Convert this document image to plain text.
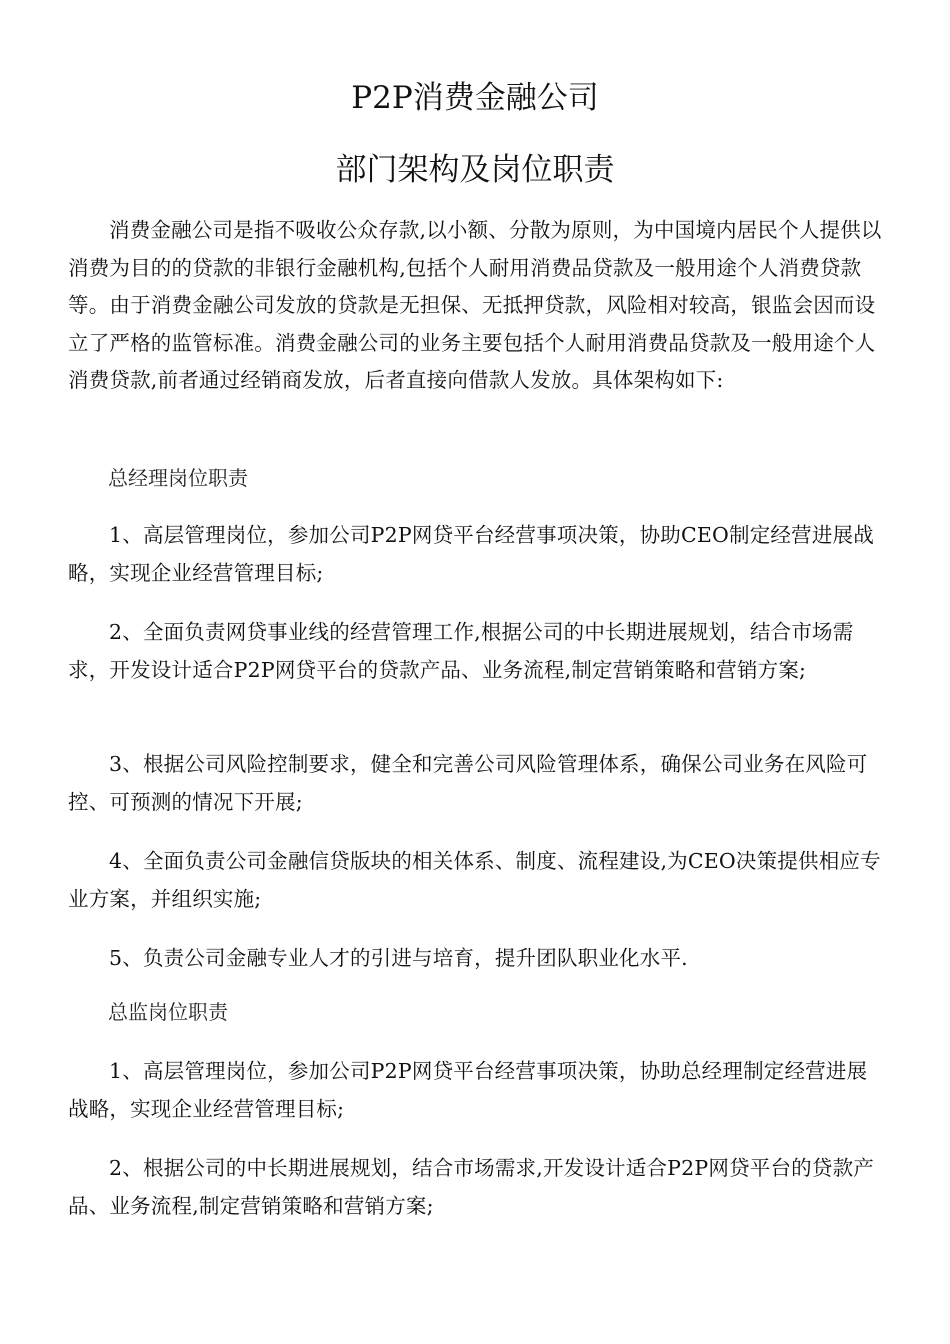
P2P消费金融公司
部门架构及岗位职责

消费金融公司是指不吸收公众存款,以小额、分散为原则，为中国境内居民个人提供以消费为目的的贷款的非银行金融机构,包括个人耐用消费品贷款及一般用途个人消费贷款等。由于消费金融公司发放的贷款是无担保、无抵押贷款，风险相对较高，银监会因而设立了严格的监管标准。消费金融公司的业务主要包括个人耐用消费品贷款及一般用途个人消费贷款,前者通过经销商发放，后者直接向借款人发放。具体架构如下:

总经理岗位职责

1、高层管理岗位，参加公司P2P网贷平台经营事项决策，协助CEO制定经营进展战略，实现企业经营管理目标;

2、全面负责网贷事业线的经营管理工作,根据公司的中长期进展规划，结合市场需求，开发设计适合P2P网贷平台的贷款产品、业务流程,制定营销策略和营销方案;

3、根据公司风险控制要求，健全和完善公司风险管理体系，确保公司业务在风险可控、可预测的情况下开展;

4、全面负责公司金融信贷版块的相关体系、制度、流程建设,为CEO决策提供相应专业方案，并组织实施;

5、负责公司金融专业人才的引进与培育，提升团队职业化水平.

总监岗位职责

1、高层管理岗位，参加公司P2P网贷平台经营事项决策，协助总经理制定经营进展战略，实现企业经营管理目标;

2、根据公司的中长期进展规划，结合市场需求,开发设计适合P2P网贷平台的贷款产品、业务流程,制定营销策略和营销方案;
